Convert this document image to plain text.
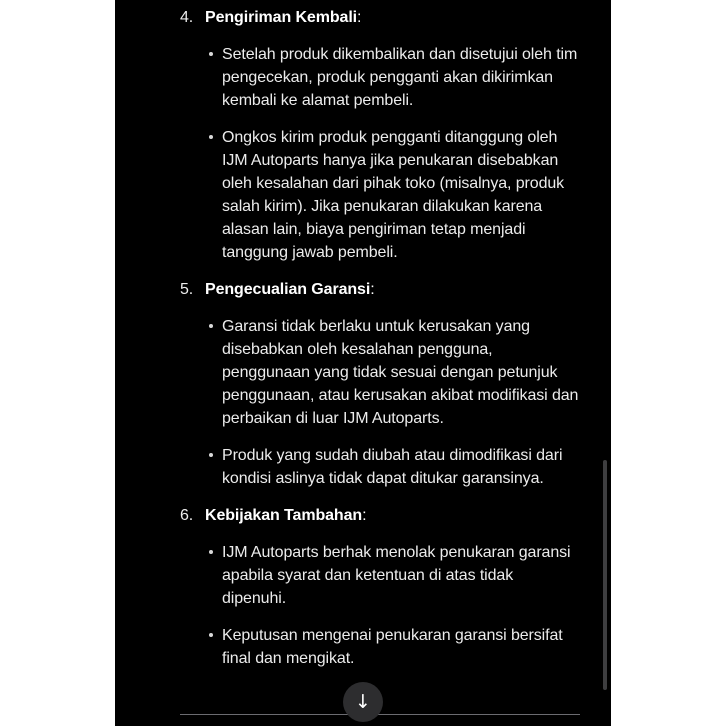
4. Pengiriman Kembali:

Setelah produk dikembalikan dan disetujui oleh tim pengecekan, produk pengganti akan dikirimkan kembali ke alamat pembeli.

Ongkos kirim produk pengganti ditanggung oleh IJM Autoparts hanya jika penukaran disebabkan oleh kesalahan dari pihak toko (misalnya, produk salah kirim). Jika penukaran dilakukan karena alasan lain, biaya pengiriman tetap menjadi tanggung jawab pembeli.

5. Pengecualian Garansi:

Garansi tidak berlaku untuk kerusakan yang disebabkan oleh kesalahan pengguna, penggunaan yang tidak sesuai dengan petunjuk penggunaan, atau kerusakan akibat modifikasi dan perbaikan di luar IJM Autoparts.

Produk yang sudah diubah atau dimodifikasi dari kondisi aslinya tidak dapat ditukar garansinya.

6. Kebijakan Tambahan:

IJM Autoparts berhak menolak penukaran garansi apabila syarat dan ketentuan di atas tidak dipenuhi.

Keputusan mengenai penukaran garansi bersifat final dan mengikat.

↓
